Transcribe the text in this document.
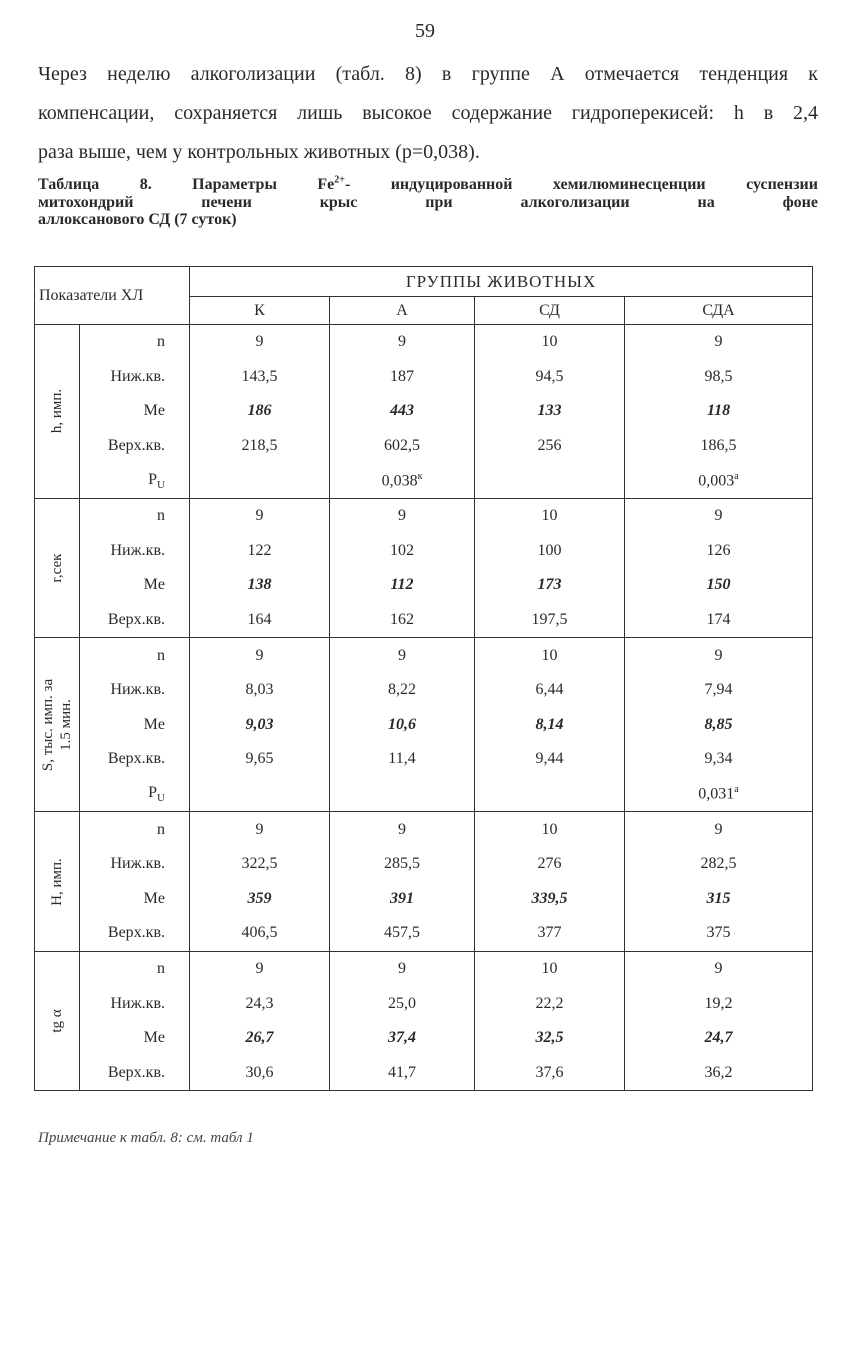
59
Через неделю алкоголизации (табл. 8) в группе А отмечается тенденция к
компенсации, сохраняется лишь высокое содержание гидроперекисей: h в 2,4
раза выше, чем у контрольных животных (р=0,038).
Таблица 8. Параметры $Fe^{2+}-$ индуцированной хемилюминесценции суспензии
митохондрий печени крыс при алкоголизации на фоне
аллоксанового СД (7 суток)
Показатели ХЛ		ГРУППЫ ЖИВОТНЫХ			
		К	А	СД	СДА

h, имп.	n	9	9	10	9
	Ниж.кв.	143,5	187	94,5	98,5
	Me	186	443	133	118
	Верх.кв.	218,5	602,5	256	186,5
	$P_U$		$0,038^к$		$0,003^а$

r,сек	n	9	9	10	9
	Ниж.кв.	122	102	100	126
	Me	138	112	173	150
	Верх.кв.	164	162	197,5	174

S, тыс. имп. за 1.5 мин.	n	9	9	10	9
	Ниж.кв.	8,03	8,22	6,44	7,94
	Me	9,03	10,6	8,14	8,85
	Верх.кв.	9,65	11,4	9,44	9,34
	$P_U$				$0,031^а$

H, имп.	n	9	9	10	9
	Ниж.кв.	322,5	285,5	276	282,5
	Me	359	391	339,5	315
	Верх.кв.	406,5	457,5	377	375

tg α	n	9	9	10	9
	Ниж.кв.	24,3	25,0	22,2	19,2
	Me	26,7	37,4	32,5	24,7
	Верх.кв.	30,6	41,7	37,6	36,2
Примечание к табл. 8: см. табл 1
